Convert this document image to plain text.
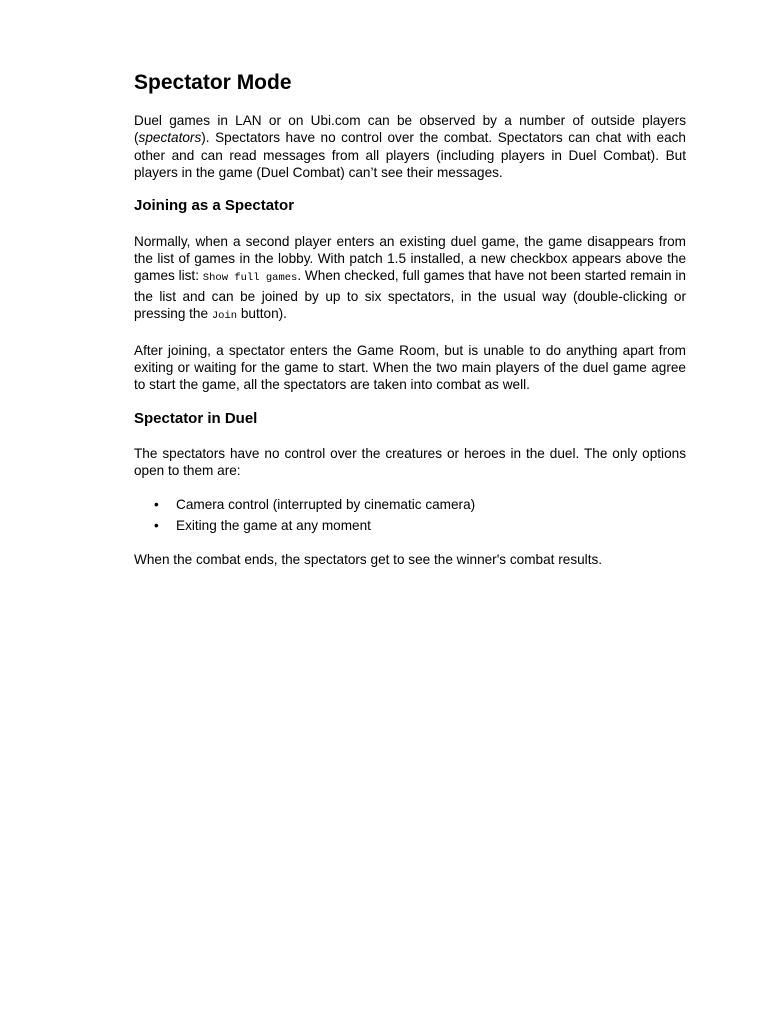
Spectator Mode

Duel games in LAN or on Ubi.com can be observed by a number of outside players (spectators). Spectators have no control over the combat. Spectators can chat with each other and can read messages from all players (including players in Duel Combat). But players in the game (Duel Combat) can’t see their messages.

Joining as a Spectator

Normally, when a second player enters an existing duel game, the game disappears from the list of games in the lobby. With patch 1.5 installed, a new checkbox appears above the games list: Show full games. When checked, full games that have not been started remain in the list and can be joined by up to six spectators, in the usual way (double-clicking or pressing the Join button).

After joining, a spectator enters the Game Room, but is unable to do anything apart from exiting or waiting for the game to start. When the two main players of the duel game agree to start the game, all the spectators are taken into combat as well.

Spectator in Duel

The spectators have no control over the creatures or heroes in the duel. The only options open to them are:

• Camera control (interrupted by cinematic camera)
• Exiting the game at any moment

When the combat ends, the spectators get to see the winner's combat results.
